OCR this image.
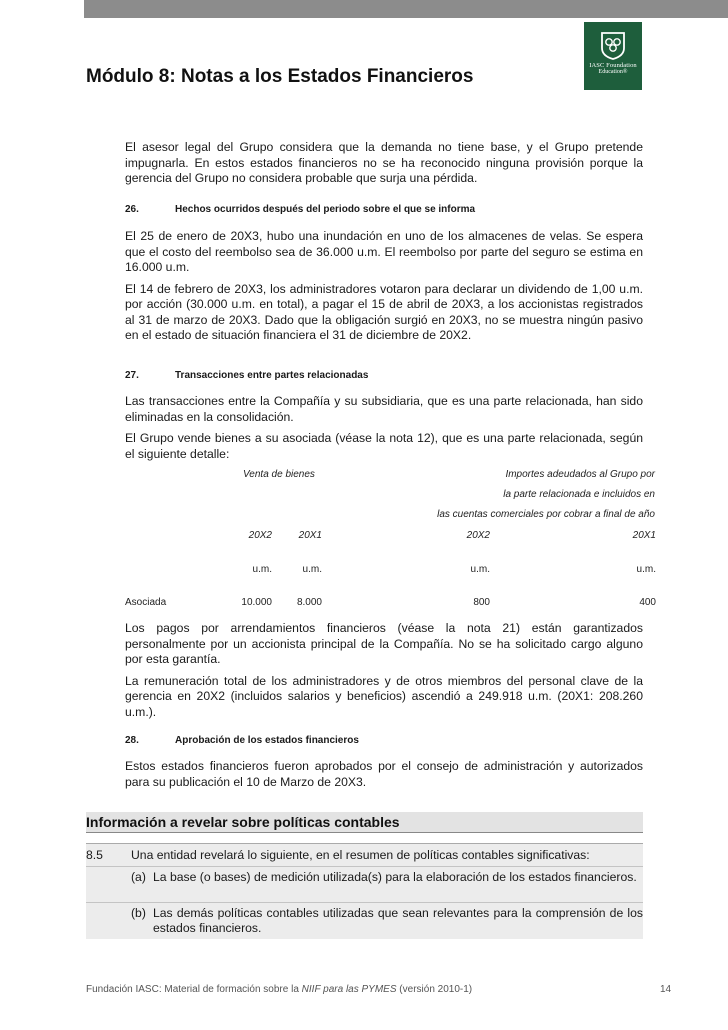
IASC Foundation
Education®
Módulo 8: Notas a los Estados Financieros

El asesor legal del Grupo considera que la demanda no tiene base, y el Grupo pretende impugnarla. En estos estados financieros no se ha reconocido ninguna provisión porque la gerencia del Grupo no considera probable que surja una pérdida.

26.	Hechos ocurridos después del periodo sobre el que se informa

El 25 de enero de 20X3, hubo una inundación en uno de los almacenes de velas. Se espera que el costo del reembolso sea de 36.000 u.m. El reembolso por parte del seguro se estima en 16.000 u.m.

El 14 de febrero de 20X3, los administradores votaron para declarar un dividendo de 1,00 u.m. por acción (30.000 u.m. en total), a pagar el 15 de abril de 20X3, a los accionistas registrados al 31 de marzo de 20X3. Dado que la obligación surgió en 20X3, no se muestra ningún pasivo en el estado de situación financiera el 31 de diciembre de 20X2.

27.	Transacciones entre partes relacionadas

Las transacciones entre la Compañía y su subsidiaria, que es una parte relacionada, han sido eliminadas en la consolidación.

El Grupo vende bienes a su asociada (véase la nota 12), que es una parte relacionada, según el siguiente detalle:

Venta de bienes	Importes adeudados al Grupo por
la parte relacionada e incluidos en
las cuentas comerciales por cobrar a final de año
20X2	20X1	20X2	20X1
u.m.	u.m.	u.m.	u.m.
Asociada	10.000 8.000	800	400

Los pagos por arrendamientos financieros (véase la nota 21) están garantizados personalmente por un accionista principal de la Compañía. No se ha solicitado cargo alguno por esta garantía.

La remuneración total de los administradores y de otros miembros del personal clave de la gerencia en 20X2 (incluidos salarios y beneficios) ascendió a 249.918 u.m. (20X1: 208.260 u.m.).

28.	Aprobación de los estados financieros

Estos estados financieros fueron aprobados por el consejo de administración y autorizados para su publicación el 10 de Marzo de 20X3.

Información a revelar sobre políticas contables
8.5 Una entidad revelará lo siguiente, en el resumen de políticas contables significativas:
(a) La base (o bases) de medición utilizada(s) para la elaboración de los estados financieros.
(b) Las demás políticas contables utilizadas que sean relevantes para la comprensión de los estados financieros.
Fundación IASC: Material de formación sobre la NIIF para las PYMES (versión 2010-1)	14
